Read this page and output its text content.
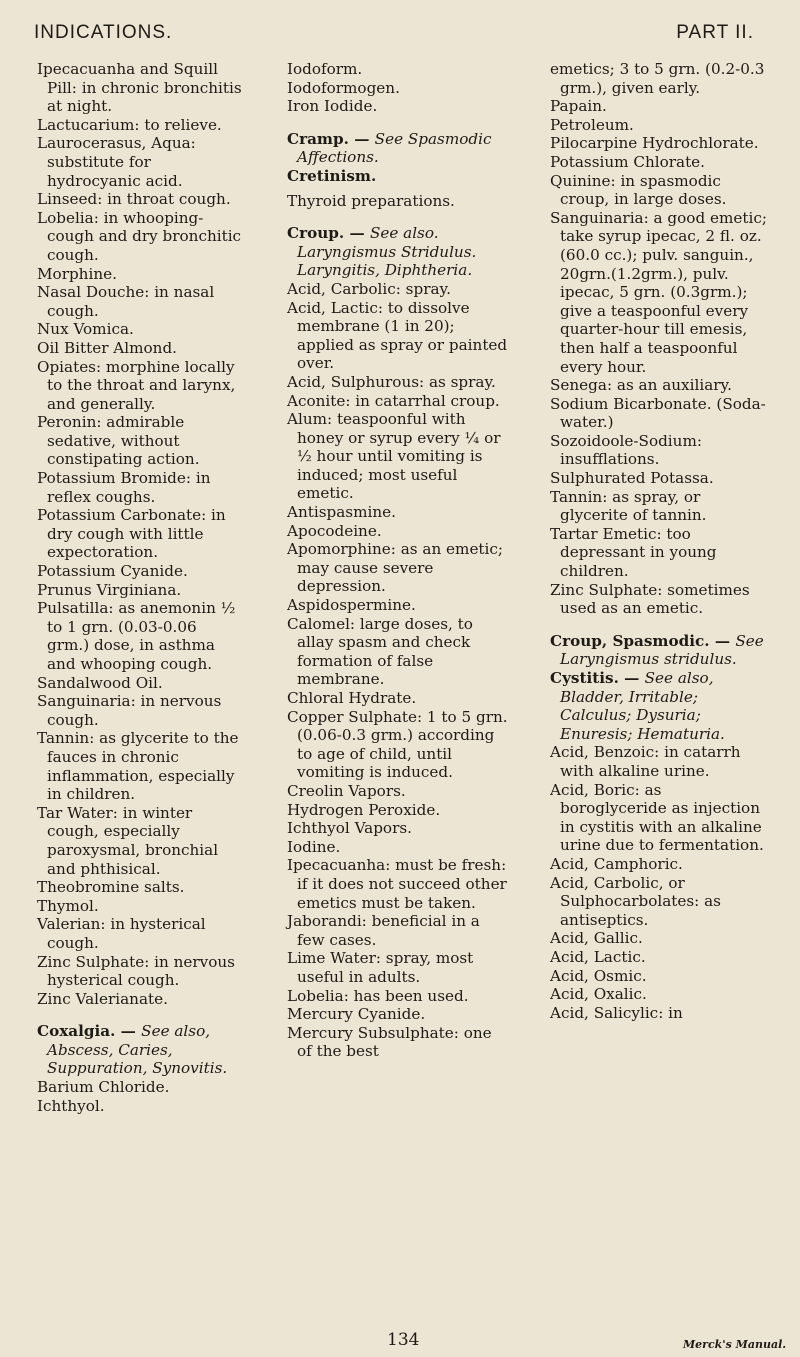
INDICATIONS.	PART II.

Ipecacuanha and Squill Pill: in chronic bronchitis at night.

Lactucarium: to relieve.

Laurocerasus, Aqua: substitute for hydrocyanic acid.

Linseed: in throat cough.

Lobelia: in whooping-cough and dry bronchitic cough.

Morphine.

Nasal Douche: in nasal cough.

Nux Vomica.

Oil Bitter Almond.

Opiates: morphine locally to the throat and larynx, and generally.

Peronin: admirable sedative, without constipating action.

Potassium Bromide: in reflex coughs.

Potassium Carbonate: in dry cough with little expectoration.

Potassium Cyanide.

Prunus Virginiana.

Pulsatilla: as anemonin ½ to 1 grn. (0.03-0.06 grm.) dose, in asthma and whooping cough.

Sandalwood Oil.

Sanguinaria: in nervous cough.

Tannin: as glycerite to the fauces in chronic inflammation, especially in children.

Tar Water: in winter cough, especially paroxysmal, bronchial and phthisical.

Theobromine salts.

Thymol.

Valerian: in hysterical cough.

Zinc Sulphate: in nervous hysterical cough.

Zinc Valerianate.

Coxalgia. — See also, Abscess, Caries, Suppuration, Synovitis.

Barium Chloride.

Ichthyol.

Iodoform.

Iodoformogen.

Iron Iodide.

Cramp. — See Spasmodic Affections.

Cretinism.

Thyroid preparations.

Croup. — See also. Laryngismus Stridulus. Laryngitis, Diphtheria.

Acid, Carbolic: spray.

Acid, Lactic: to dissolve membrane (1 in 20); applied as spray or painted over.

Acid, Sulphurous: as spray.

Aconite: in catarrhal croup.

Alum: teaspoonful with honey or syrup every ¼ or ½ hour until vomiting is induced; most useful emetic.

Antispasmine.

Apocodeine.

Apomorphine: as an emetic; may cause severe depression.

Aspidospermine.

Calomel: large doses, to allay spasm and check formation of false membrane.

Chloral Hydrate.

Copper Sulphate: 1 to 5 grn. (0.06-0.3 grm.) according to age of child, until vomiting is induced.

Creolin Vapors.

Hydrogen Peroxide.

Ichthyol Vapors.

Iodine.

Ipecacuanha: must be fresh: if it does not succeed other emetics must be taken.

Jaborandi: beneficial in a few cases.

Lime Water: spray, most useful in adults.

Lobelia: has been used.

Mercury Cyanide.

Mercury Subsulphate: one of the best

emetics; 3 to 5 grn. (0.2-0.3 grm.), given early.

Papain.

Petroleum.

Pilocarpine Hydrochlorate.

Potassium Chlorate.

Quinine: in spasmodic croup, in large doses.

Sanguinaria: a good emetic; take syrup ipecac, 2 fl. oz. (60.0 cc.); pulv. sanguin., 20grn.(1.2grm.), pulv. ipecac, 5 grn. (0.3grm.); give a teaspoonful every quarter-hour till emesis, then half a teaspoonful every hour.

Senega: as an auxiliary.

Sodium Bicarbonate. (Soda-water.)

Sozoidoole-Sodium: insufflations.

Sulphurated Potassa.

Tannin: as spray, or glycerite of tannin.

Tartar Emetic: too depressant in young children.

Zinc Sulphate: sometimes used as an emetic.

Croup, Spasmodic. — See Laryngismus stridulus.

Cystitis. — See also, Bladder, Irritable; Calculus; Dysuria; Enuresis; Hematuria.

Acid, Benzoic: in catarrh with alkaline urine.

Acid, Boric: as boroglyceride as injection in cystitis with an alkaline urine due to fermentation.

Acid, Camphoric.

Acid, Carbolic, or Sulphocarbolates: as antiseptics.

Acid, Gallic.

Acid, Lactic.

Acid, Osmic.

Acid, Oxalic.

Acid, Salicylic: in

134	Merck's Manual.
